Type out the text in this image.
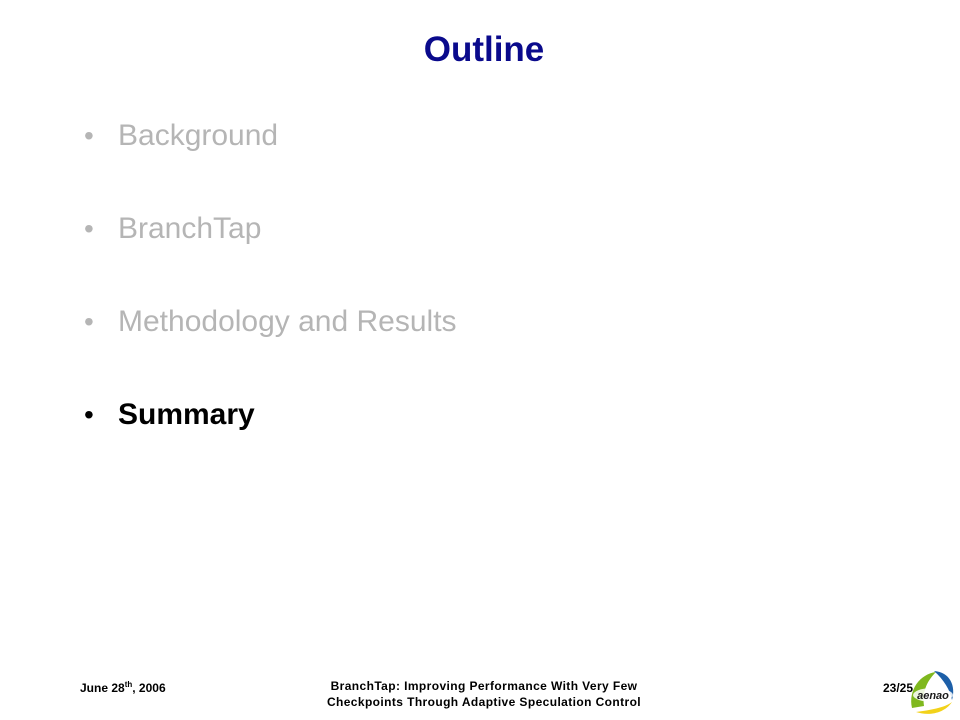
Outline
• Background
• BranchTap
• Methodology and Results
• Summary
June 28th, 2006	BranchTap: Improving Performance With Very Few
Checkpoints Through Adaptive Speculation Control
23/25
aenao
